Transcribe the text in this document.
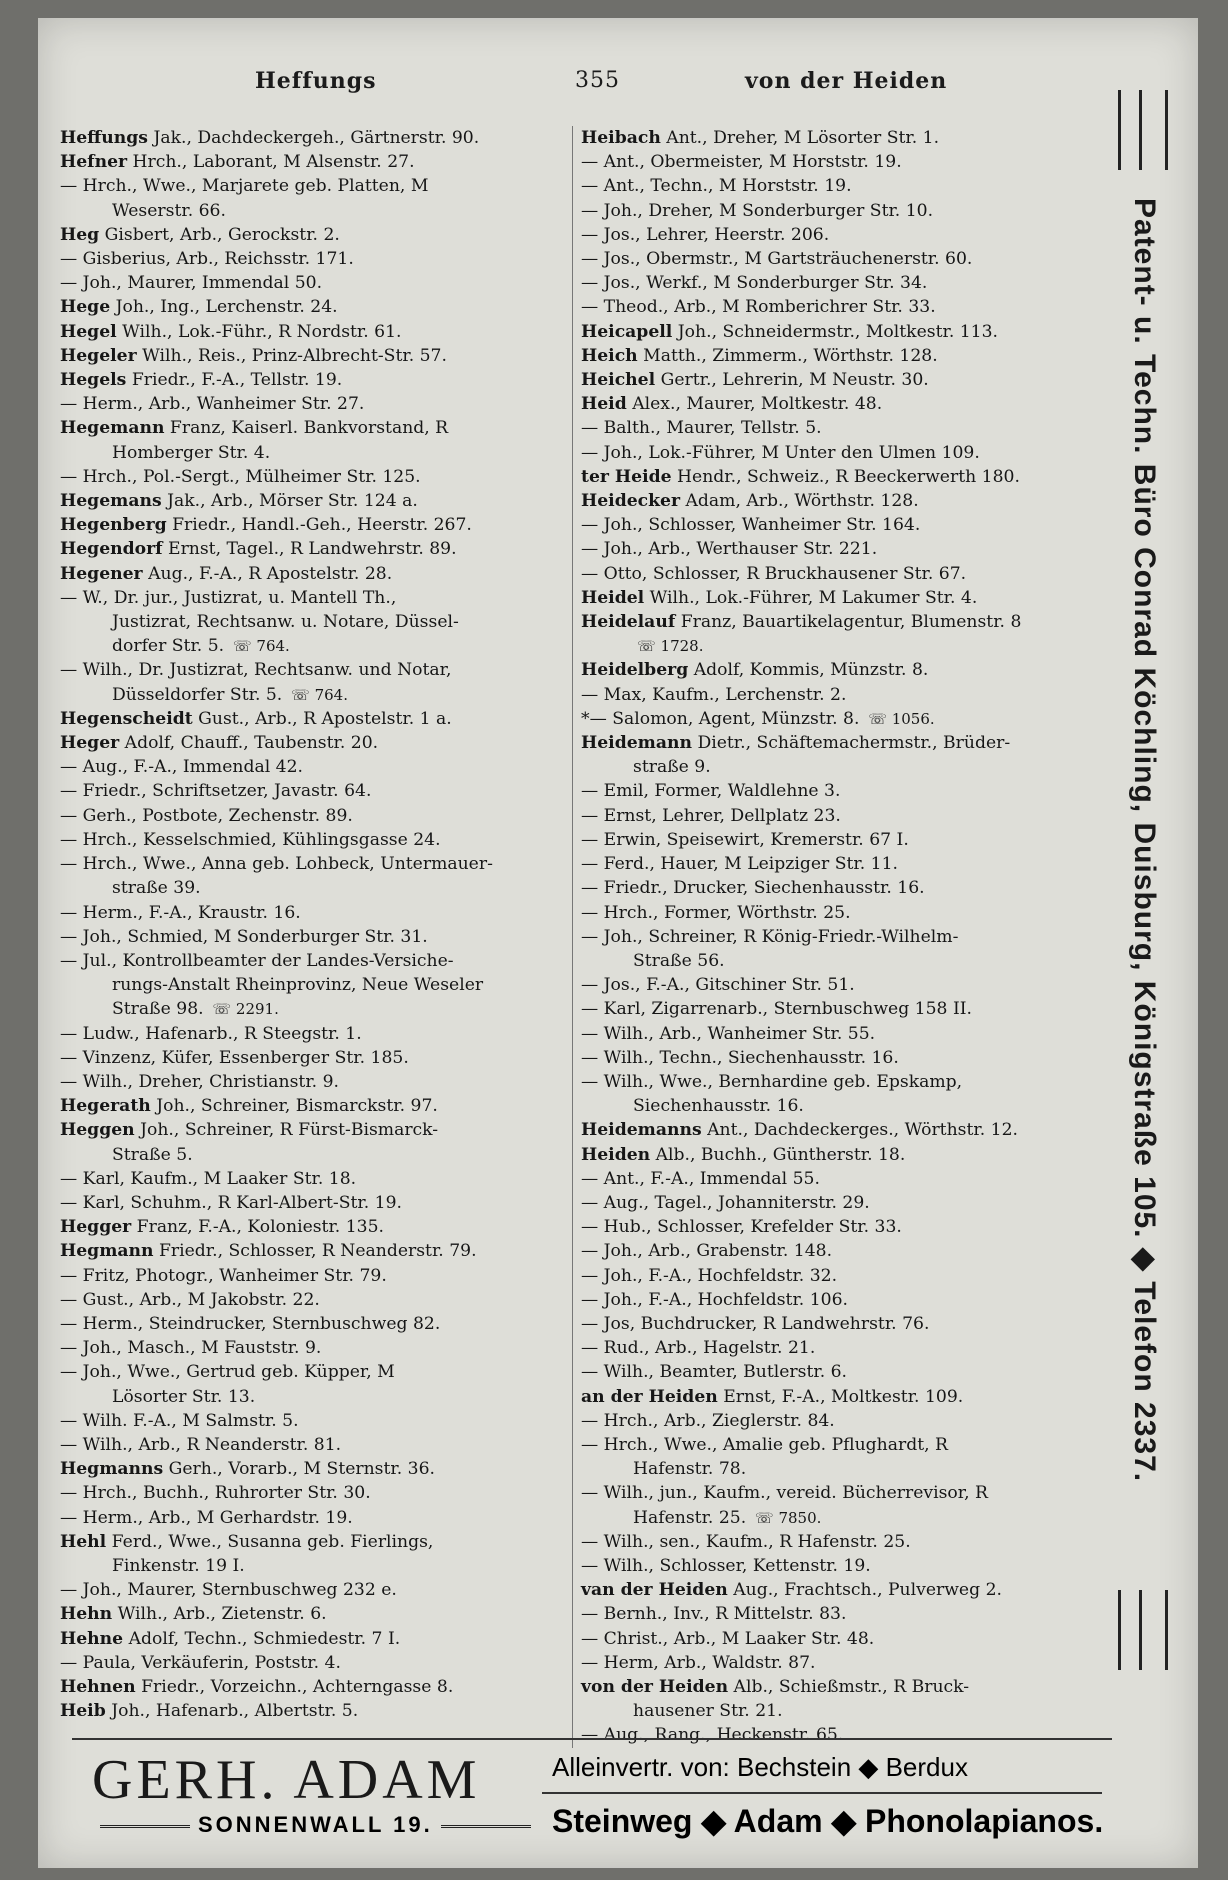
Heffungs	355	von der Heiden
Heffungs Jak., Dachdeckergeh., Gärtnerstr. 90.
Hefner Hrch., Laborant, M Alsenstr. 27.
— Hrch., Wwe., Marjarete geb. Platten, M
Weserstr. 66.
Heg Gisbert, Arb., Gerockstr. 2.
— Gisberius, Arb., Reichsstr. 171.
— Joh., Maurer, Immendal 50.
Hege Joh., Ing., Lerchenstr. 24.
Hegel Wilh., Lok.-Führ., R Nordstr. 61.
Hegeler Wilh., Reis., Prinz-Albrecht-Str. 57.
Hegels Friedr., F.-A., Tellstr. 19.
— Herm., Arb., Wanheimer Str. 27.
Hegemann Franz, Kaiserl. Bankvorstand, R
Homberger Str. 4.
— Hrch., Pol.-Sergt., Mülheimer Str. 125.
Hegemans Jak., Arb., Mörser Str. 124 a.
Hegenberg Friedr., Handl.-Geh., Heerstr. 267.
Hegendorf Ernst, Tagel., R Landwehrstr. 89.
Hegener Aug., F.-A., R Apostelstr. 28.
— W., Dr. jur., Justizrat, u. Mantell Th.,
Justizrat, Rechtsanw. u. Notare, Düssel-
dorfer Str. 5. ☏ 764.
— Wilh., Dr. Justizrat, Rechtsanw. und Notar,
Düsseldorfer Str. 5. ☏ 764.
Hegenscheidt Gust., Arb., R Apostelstr. 1 a.
Heger Adolf, Chauff., Taubenstr. 20.
— Aug., F.-A., Immendal 42.
— Friedr., Schriftsetzer, Javastr. 64.
— Gerh., Postbote, Zechenstr. 89.
— Hrch., Kesselschmied, Kühlingsgasse 24.
— Hrch., Wwe., Anna geb. Lohbeck, Untermauer-
straße 39.
— Herm., F.-A., Kraustr. 16.
— Joh., Schmied, M Sonderburger Str. 31.
— Jul., Kontrollbeamter der Landes-Versiche-
rungs-Anstalt Rheinprovinz, Neue Weseler
Straße 98. ☏ 2291.
— Ludw., Hafenarb., R Steegstr. 1.
— Vinzenz, Küfer, Essenberger Str. 185.
— Wilh., Dreher, Christianstr. 9.
Hegerath Joh., Schreiner, Bismarckstr. 97.
Heggen Joh., Schreiner, R Fürst-Bismarck-
Straße 5.
— Karl, Kaufm., M Laaker Str. 18.
— Karl, Schuhm., R Karl-Albert-Str. 19.
Hegger Franz, F.-A., Koloniestr. 135.
Hegmann Friedr., Schlosser, R Neanderstr. 79.
— Fritz, Photogr., Wanheimer Str. 79.
— Gust., Arb., M Jakobstr. 22.
— Herm., Steindrucker, Sternbuschweg 82.
— Joh., Masch., M Fauststr. 9.
— Joh., Wwe., Gertrud geb. Küpper, M
Lösorter Str. 13.
— Wilh. F.-A., M Salmstr. 5.
— Wilh., Arb., R Neanderstr. 81.
Hegmanns Gerh., Vorarb., M Sternstr. 36.
— Hrch., Buchh., Ruhrorter Str. 30.
— Herm., Arb., M Gerhardstr. 19.
Hehl Ferd., Wwe., Susanna geb. Fierlings,
Finkenstr. 19 I.
— Joh., Maurer, Sternbuschweg 232 e.
Hehn Wilh., Arb., Zietenstr. 6.
Hehne Adolf, Techn., Schmiedestr. 7 I.
— Paula, Verkäuferin, Poststr. 4.
Hehnen Friedr., Vorzeichn., Achterngasse 8.
Heib Joh., Hafenarb., Albertstr. 5.
Heibach Ant., Dreher, M Lösorter Str. 1.
— Ant., Obermeister, M Horststr. 19.
— Ant., Techn., M Horststr. 19.
— Joh., Dreher, M Sonderburger Str. 10.
— Jos., Lehrer, Heerstr. 206.
— Jos., Obermstr., M Gartsträuchenerstr. 60.
— Jos., Werkf., M Sonderburger Str. 34.
— Theod., Arb., M Romberichrer Str. 33.
Heicapell Joh., Schneidermstr., Moltkestr. 113.
Heich Matth., Zimmerm., Wörthstr. 128.
Heichel Gertr., Lehrerin, M Neustr. 30.
Heid Alex., Maurer, Moltkestr. 48.
— Balth., Maurer, Tellstr. 5.
— Joh., Lok.-Führer, M Unter den Ulmen 109.
ter Heide Hendr., Schweiz., R Beeckerwerth 180.
Heidecker Adam, Arb., Wörthstr. 128.
— Joh., Schlosser, Wanheimer Str. 164.
— Joh., Arb., Werthauser Str. 221.
— Otto, Schlosser, R Bruckhausener Str. 67.
Heidel Wilh., Lok.-Führer, M Lakumer Str. 4.
Heidelauf Franz, Bauartikelagentur, Blumenstr. 8
☏ 1728.
Heidelberg Adolf, Kommis, Münzstr. 8.
— Max, Kaufm., Lerchenstr. 2.
*— Salomon, Agent, Münzstr. 8. ☏ 1056.
Heidemann Dietr., Schäftemachermstr., Brüder-
straße 9.
— Emil, Former, Waldlehne 3.
— Ernst, Lehrer, Dellplatz 23.
— Erwin, Speisewirt, Kremerstr. 67 I.
— Ferd., Hauer, M Leipziger Str. 11.
— Friedr., Drucker, Siechenhausstr. 16.
— Hrch., Former, Wörthstr. 25.
— Joh., Schreiner, R König-Friedr.-Wilhelm-
Straße 56.
— Jos., F.-A., Gitschiner Str. 51.
— Karl, Zigarrenarb., Sternbuschweg 158 II.
— Wilh., Arb., Wanheimer Str. 55.
— Wilh., Techn., Siechenhausstr. 16.
— Wilh., Wwe., Bernhardine geb. Epskamp,
Siechenhausstr. 16.
Heidemanns Ant., Dachdeckerges., Wörthstr. 12.
Heiden Alb., Buchh., Güntherstr. 18.
— Ant., F.-A., Immendal 55.
— Aug., Tagel., Johanniterstr. 29.
— Hub., Schlosser, Krefelder Str. 33.
— Joh., Arb., Grabenstr. 148.
— Joh., F.-A., Hochfeldstr. 32.
— Joh., F.-A., Hochfeldstr. 106.
— Jos, Buchdrucker, R Landwehrstr. 76.
— Rud., Arb., Hagelstr. 21.
— Wilh., Beamter, Butlerstr. 6.
an der Heiden Ernst, F.-A., Moltkestr. 109.
— Hrch., Arb., Zieglerstr. 84.
— Hrch., Wwe., Amalie geb. Pflughardt, R
Hafenstr. 78.
— Wilh., jun., Kaufm., vereid. Bücherrevisor, R
Hafenstr. 25. ☏ 7850.
— Wilh., sen., Kaufm., R Hafenstr. 25.
— Wilh., Schlosser, Kettenstr. 19.
van der Heiden Aug., Frachtsch., Pulverweg 2.
— Bernh., Inv., R Mittelstr. 83.
— Christ., Arb., M Laaker Str. 48.
— Herm, Arb., Waldstr. 87.
von der Heiden Alb., Schießmstr., R Bruck-
hausener Str. 21.
— Aug., Rang., Heckenstr. 65.
Patent- u. Techn. Büro Conrad Köchling, Duisburg, Königstraße 105. ◆ Telefon 2337.
GERH. ADAM
SONNENWALL 19.
Alleinvertr. von: Bechstein ◆ Berdux
Steinweg ◆ Adam ◆ Phonolapianos.
